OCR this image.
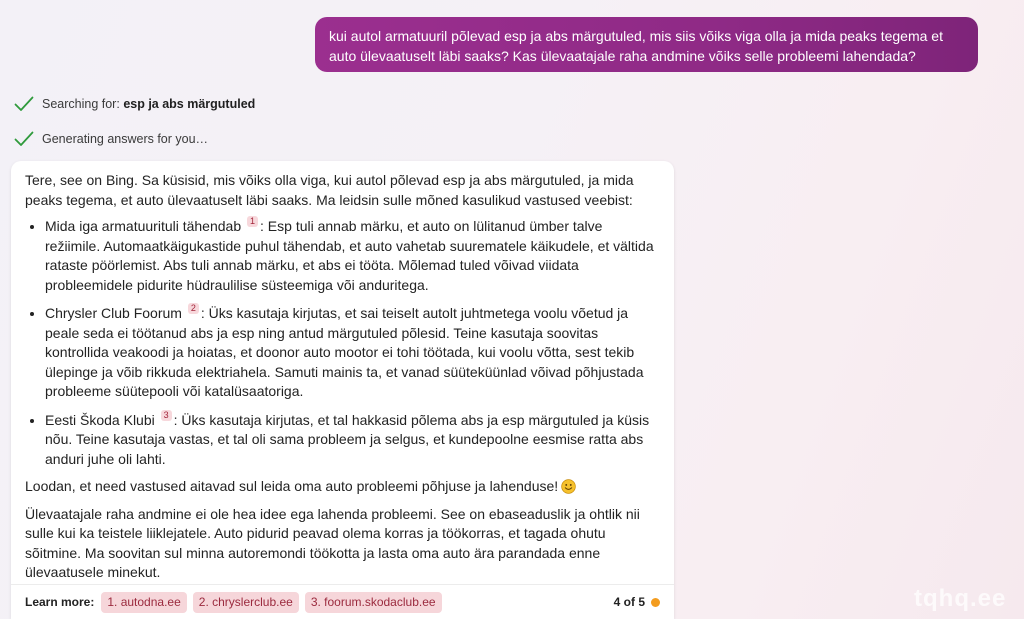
kui autol armatuuril põlevad esp ja abs märgutuled, mis siis võiks viga olla ja mida peaks tegema et auto ülevaatuselt läbi saaks? Kas ülevaatajale raha andmine võiks selle probleemi lahendada?
Searching for:
esp ja abs märgutuled
Generating answers for you…

Tere, see on Bing. Sa küsisid, mis võiks olla viga, kui autol põlevad esp ja abs märgutuled, ja mida peaks tegema, et auto ülevaatuselt läbi saaks. Ma leidsin sulle mõned kasulikud vastused veebist:

• Mida iga armatuurituli tähendab 1 : Esp tuli annab märku, et auto on lülitanud ümber talve režiimile. Automaatkäigukastide puhul tähendab, et auto vahetab suurematele käikudele, et vältida rataste pöörlemist. Abs tuli annab märku, et abs ei tööta. Mõlemad tuled võivad viidata probleemidele pidurite hüdraulilise süsteemiga või anduritega.
• Chrysler Club Foorum 2 : Üks kasutaja kirjutas, et sai teiselt autolt juhtmetega voolu võetud ja peale seda ei töötanud abs ja esp ning antud märgutuled põlesid. Teine kasutaja soovitas kontrollida veakoodi ja hoiatas, et doonor auto mootor ei tohi töötada, kui voolu võtta, sest tekib ülepinge ja võib rikkuda elektriahela. Samuti mainis ta, et vanad süüteküünlad võivad põhjustada probleeme süütepooli või katalüsaatoriga.
• Eesti Škoda Klubi 3 : Üks kasutaja kirjutas, et tal hakkasid põlema abs ja esp märgutuled ja küsis nõu. Teine kasutaja vastas, et tal oli sama probleem ja selgus, et kundepoolne eesmise ratta abs anduri juhe oli lahti.

Loodan, et need vastused aitavad sul leida oma auto probleemi põhjuse ja lahenduse!

Ülevaatajale raha andmine ei ole hea idee ega lahenda probleemi. See on ebaseaduslik ja ohtlik nii sulle kui ka teistele liiklejatele. Auto pidurid peavad olema korras ja töökorras, et tagada ohutu sõitmine. Ma soovitan sul minna autoremondi töökotta ja lasta oma auto ära parandada enne ülevaatusele minekut.

Learn more:	1. autodna.ee	2. chryslerclub.ee	3. foorum.skodaclub.ee	4 of 5	tqhq.ee
